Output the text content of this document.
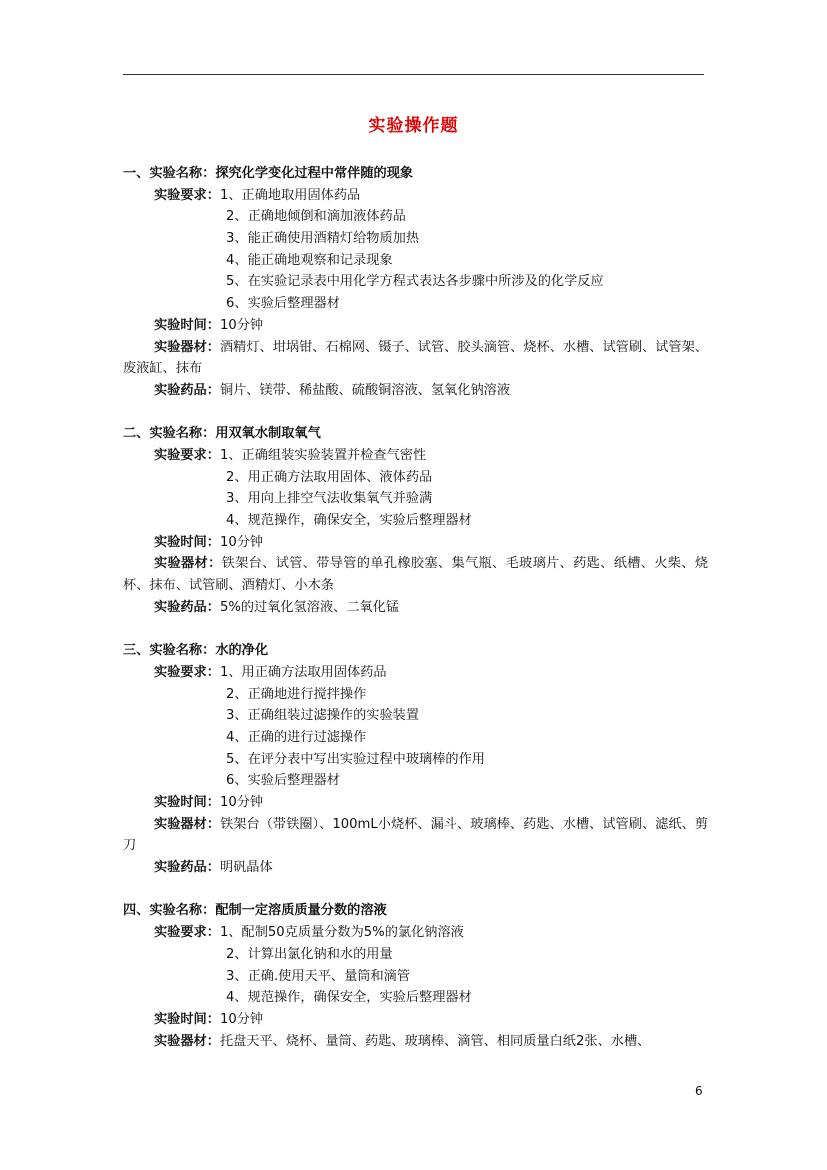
实验操作题
一、实验名称：探究化学变化过程中常伴随的现象
实验要求：1、正确地取用固体药品
2、正确地倾倒和滴加液体药品
3、能正确使用酒精灯给物质加热
4、能正确地观察和记录现象
5、在实验记录表中用化学方程式表达各步骤中所涉及的化学反应
6、实验后整理器材
实验时间：10分钟
实验器材：酒精灯、坩埚钳、石棉网、镊子、试管、胶头滴管、烧杯、水槽、试管刷、试管架、废液缸、抹布
实验药品：铜片、镁带、稀盐酸、硫酸铜溶液、氢氧化钠溶液
二、实验名称：用双氧水制取氧气
实验要求：1、正确组装实验装置并检查气密性
2、用正确方法取用固体、液体药品
3、用向上排空气法收集氧气并验满
4、规范操作，确保安全，实验后整理器材
实验时间：10分钟
实验器材：铁架台、试管、带导管的单孔橡胶塞、集气瓶、毛玻璃片、药匙、纸槽、火柴、烧杯、抹布、试管刷、酒精灯、小木条
实验药品：5%的过氧化氢溶液、二氧化锰
三、实验名称：水的净化
实验要求：1、用正确方法取用固体药品
2、正确地进行搅拌操作
3、正确组装过滤操作的实验装置
4、正确的进行过滤操作
5、在评分表中写出实验过程中玻璃棒的作用
6、实验后整理器材
实验时间：10分钟
实验器材：铁架台（带铁圈）、100mL小烧杯、漏斗、玻璃棒、药匙、水槽、试管刷、滤纸、剪刀
实验药品：明矾晶体
四、实验名称：配制一定溶质质量分数的溶液
实验要求：1、配制50克质量分数为5%的氯化钠溶液
2、计算出氯化钠和水的用量
3、正确.使用天平、量筒和滴管
4、规范操作，确保安全，实验后整理器材
实验时间：10分钟
实验器材：托盘天平、烧杯、量筒、药匙、玻璃棒、滴管、相同质量白纸2张、水槽、
6
